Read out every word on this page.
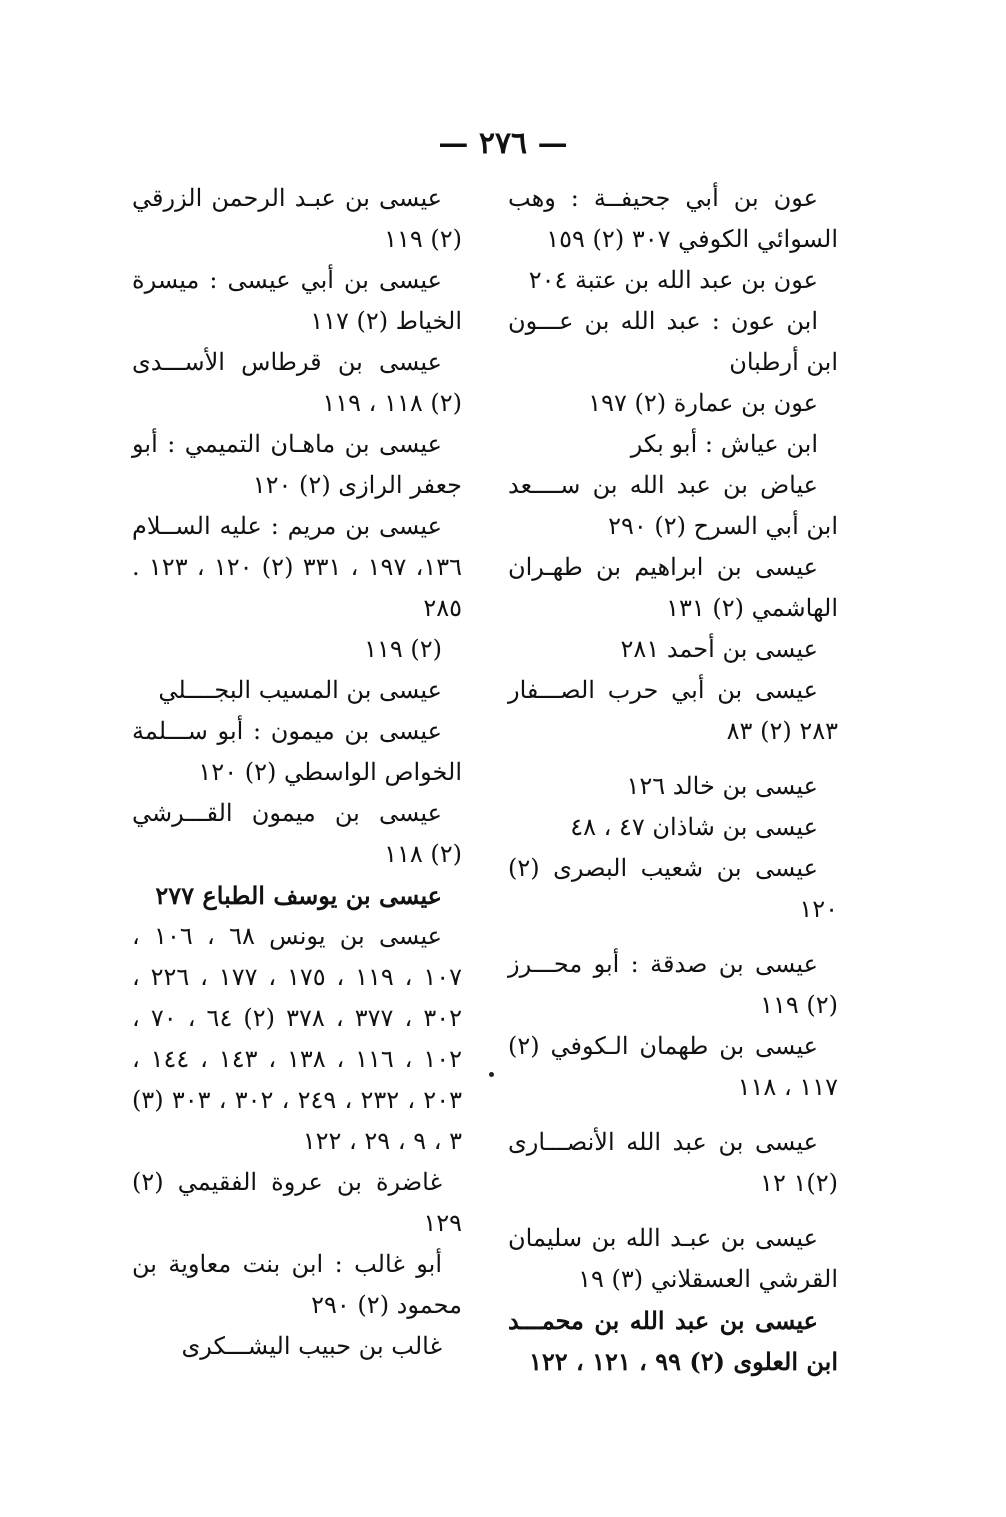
— ٢٧٦ —
عون بن أبي جحيفــة : وهب السوائي الكوفي ٣٠٧ (٢) ١٥٩
عون بن عبد الله بن عتبة ٢٠٤
ابن عون : عبد الله بن عـــون ابن أرطبان
عون بن عمارة (٢) ١٩٧
ابن عياش : أبو بكر
عياض بن عبد الله بن ســــعد ابن أبي السرح (٢) ٢٩٠
عيسى بن ابراهيم بن طهـران الهاشمي (٢) ١٣١
عيسى بن أحمد ٢٨١
عيسى بن أبي حرب الصـــفار ٢٨٣ (٢) ٨٣
عيسى بن خالد ١٢٦
عيسى بن شاذان ٤٧ ، ٤٨
عيسى بن شعيب البصرى (٢) ١٢٠
عيسى بن صدقة : أبو محـــرز (٢) ١١٩
عيسى بن طهمان الـكوفي (٢) ١١٧ ، ١١٨
عيسى بن عبد الله الأنصـــارى (٢)١ ١٢
عيسى بن عبـد الله بن سليمان القرشي العسقلاني (٣) ١٩
عيسى بن عبد الله بن محمـــد ابن العلوى (٢) ٩٩ ، ١٢١ ، ١٢٢
عيسى بن عبـد الرحمن الزرقي (٢) ١١٩
عيسى بن أبي عيسى : ميسرة الخياط (٢) ١١٧
عيسى بن قرطاس الأســـدى (٢) ١١٨ ، ١١٩
عيسى بن ماهـان التميمي : أبو جعفر الرازى (٢) ١٢٠
عيسى بن مريم : عليه الســلام ١٣٦، ١٩٧ ، ٣٣١ (٢) ١٢٠ ، ١٢٣ . ٢٨٥
(٢) ١١٩
عيسى بن المسيب البجــــلي
عيسى بن ميمون : أبو ســـلمة الخواص الواسطي (٢) ١٢٠
عيسى بن ميمون القـــرشي (٢) ١١٨
عيسى بن يوسف الطباع ٢٧٧
عيسى بن يونس ٦٨ ، ١٠٦ ، ١٠٧ ، ١١٩ ، ١٧٥ ، ١٧٧ ، ٢٢٦ ، ٣٠٢ ، ٣٧٧ ، ٣٧٨ (٢) ٦٤ ، ٧٠ ، ١٠٢ ، ١١٦ ، ١٣٨ ، ١٤٣ ، ١٤٤ ، ٢٠٣ ، ٢٣٢ ، ٢٤٩ ، ٣٠٢ ، ٣٠٣ (٣) ٣ ، ٩ ، ٢٩ ، ١٢٢
غاضرة بن عروة الفقيمي (٢) ١٢٩
أبو غالب : ابن بنت معاوية بن محمود (٢) ٢٩٠
غالب بن حبيب اليشـــكرى
